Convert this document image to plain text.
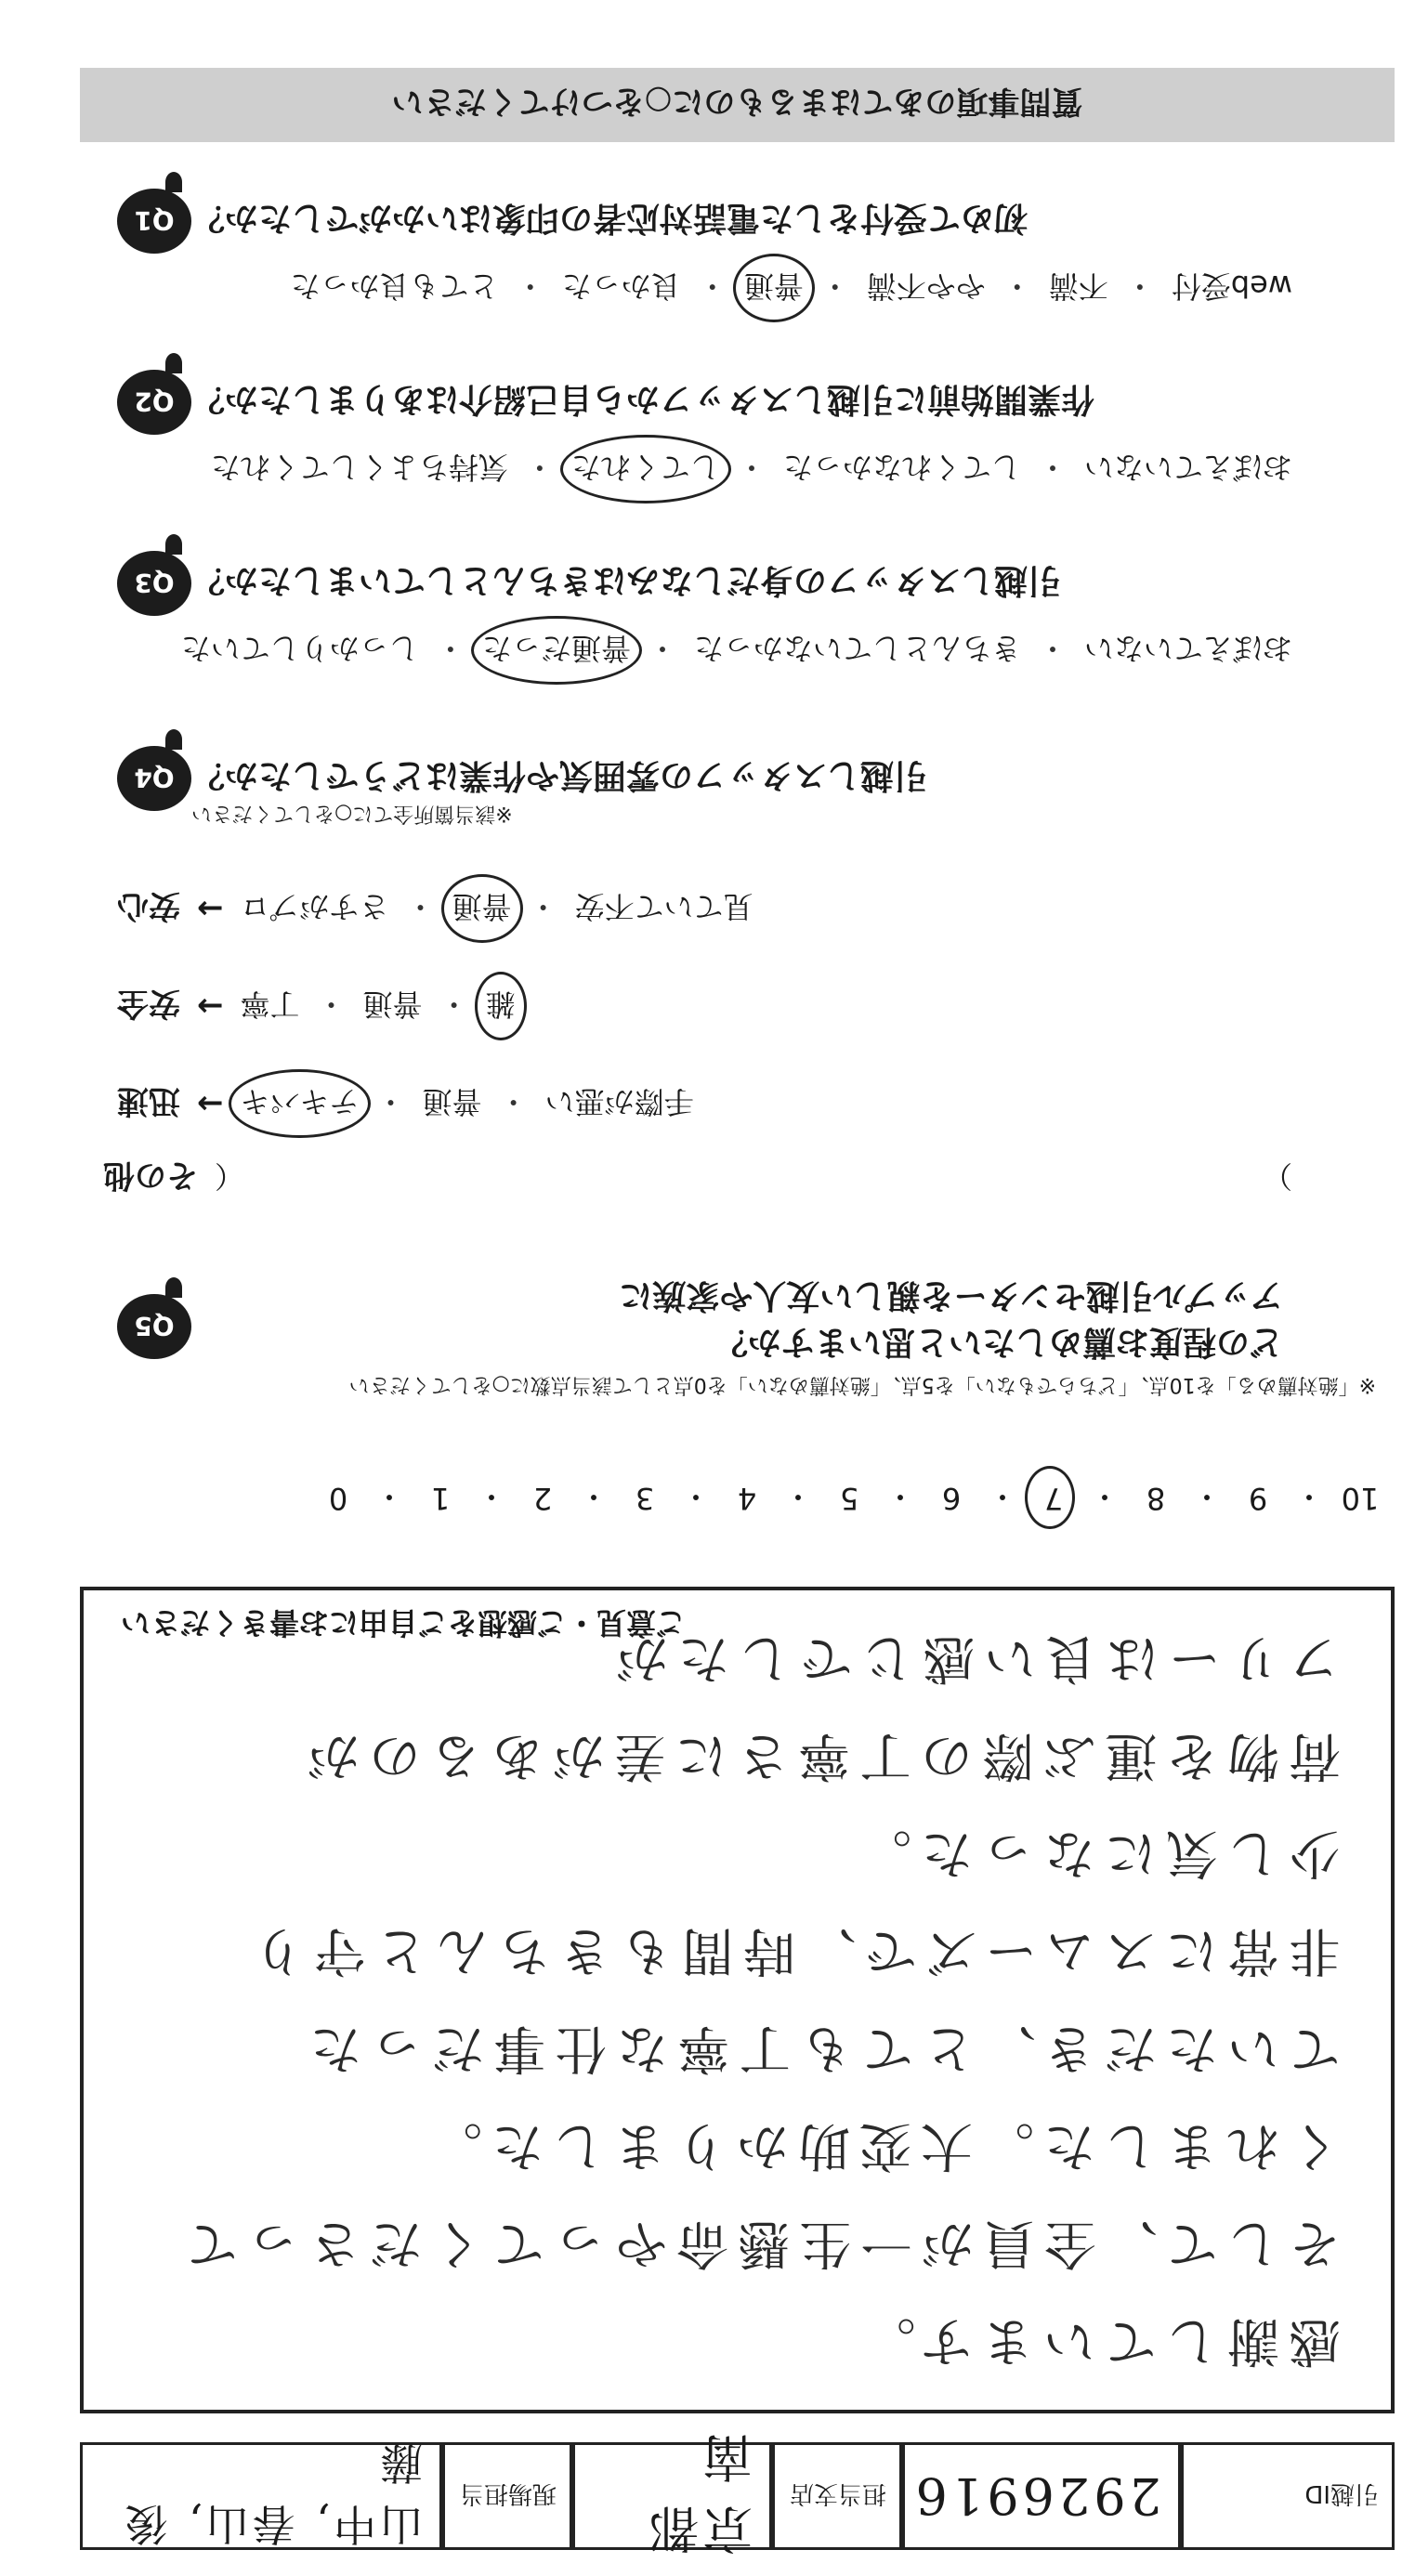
引越ID
2926916
担当支店
京都南
現場担当
山中, 春山, 後藤
感謝しています。
そして、全員が一生懸命やってくださって
くれました。大変助かりました。
ていただき、とても丁寧な仕事だった
非常にスムーズで、時間もきちんと守り
少し気になった。
荷物を運ぶ際の丁寧さに差があるのが
フリーは良い感じでしたが
ご意見・ご感想をご自由にお書きください
10
・
9
・
8
・
7
・
6
・
5
・
4
・
3
・
2
・
1
・
0
※「絶対薦める」を10点、「どちらでもない」を5点、「絶対薦めない」を0点として該当点数に○をしてください
どの程度お薦めしたいと思いますか？
アップル引越センターを親しい友人や家族に
Q5
）
（
その他
見ていて不安
・
普通
・
さすがプロ
→
安心
雑
・
普通
・
丁寧
→
安全
手際が悪い
・
普通
・
テキパキ
→
迅速
※該当箇所全てに○をしてください
引越しスタッフの雰囲気や作業はどうでしたか？
Q4
おぼえていない
・
きちんとしていなかった
・
普通だった
・
しっかりしていた
引越しスタッフの身だしなみはきちんとしていましたか？
Q3
おぼえていない
・
してくれなかった
・
してくれた
・
気持ちよくしてくれた
作業開始前に引越しスタッフから自己紹介はありましたか？
Q2
web受付
・
不満
・
やや不満
・
普通
・
良かった
・
とても良かった
初めて受付をした電話対応者の印象はいかがでしたか？
Q1
質問事項のあてはまるものに○をつけてください
